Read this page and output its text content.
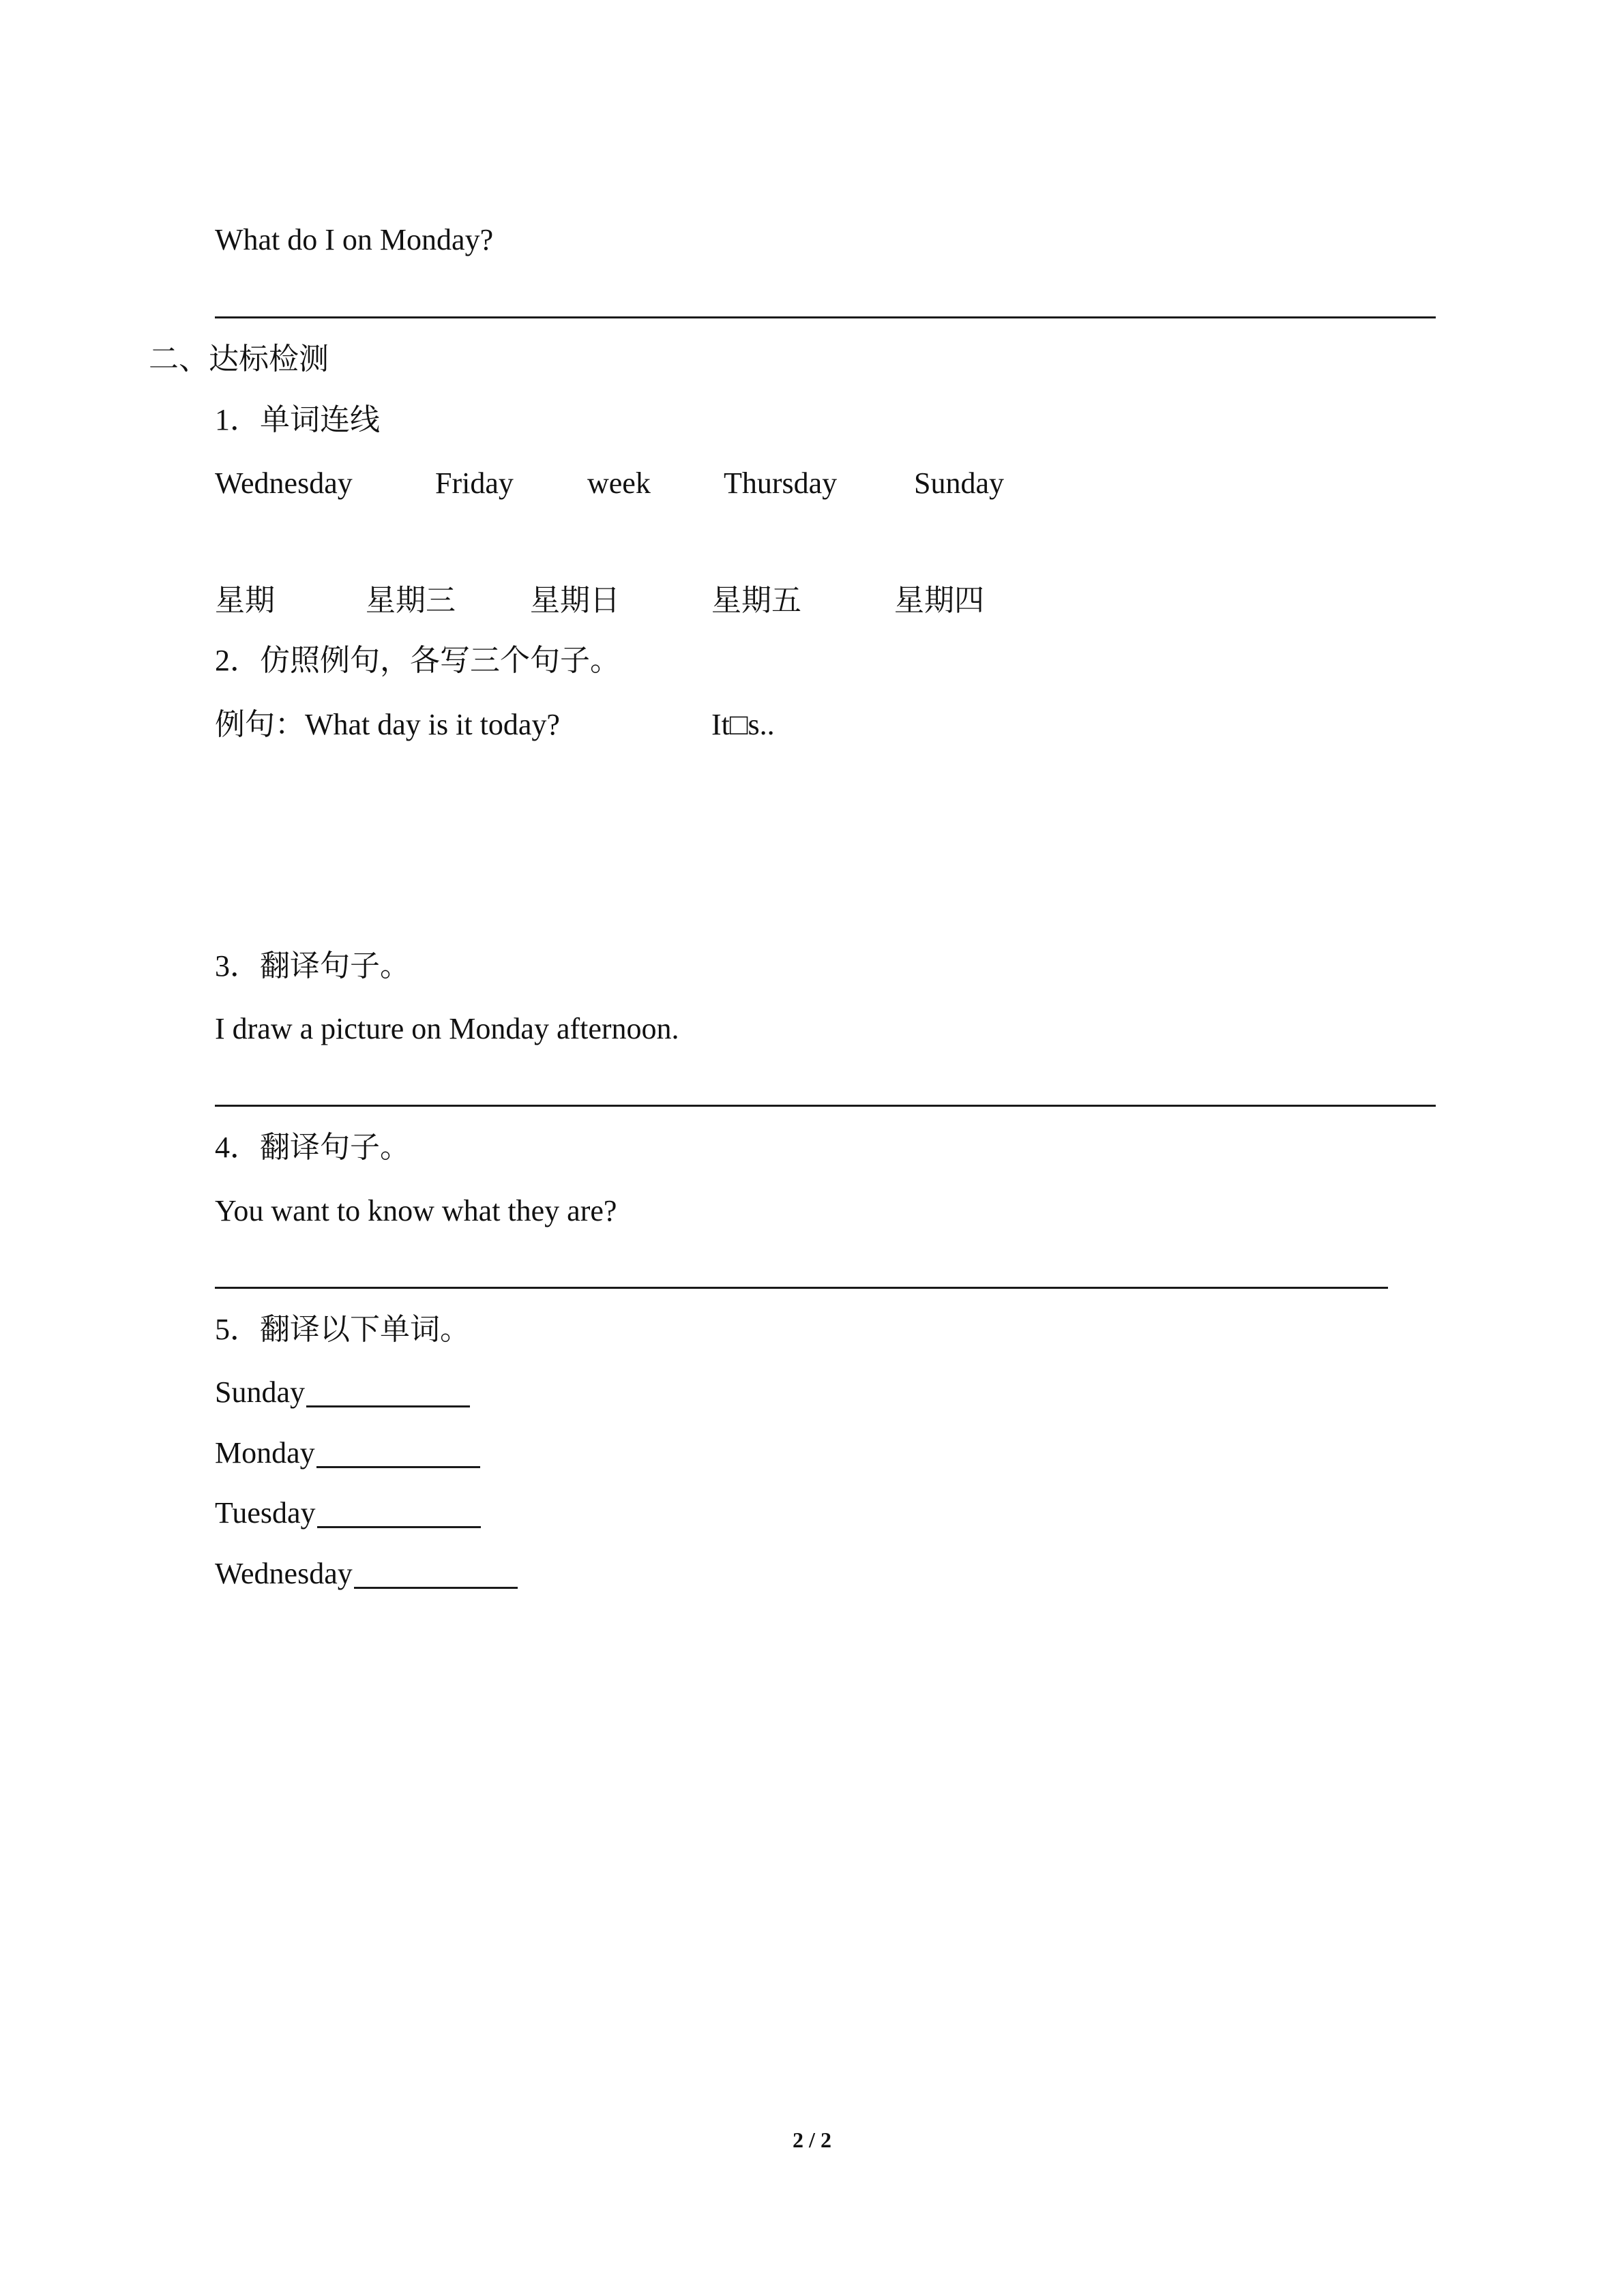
What do I on Monday?
二、达标检测
1．单词连线
Wednesday	Friday week Thursday	Sunday
星期	星期三 星期日	星期五	星期四
2．仿照例句，各写三个句子。
例句：What day is it today?	It□s..
3．翻译句子。
I draw a picture on Monday afternoon.
4．翻译句子。
You want to know what they are?
5．翻译以下单词。
Sunday
Monday
Tuesday
Wednesday
2 / 2
